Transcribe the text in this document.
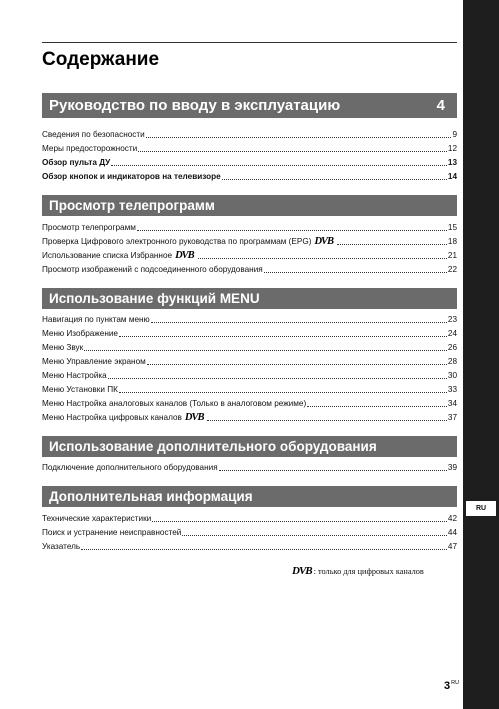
RU
Содержание
Руководство по вводу в эксплуатацию	4
Сведения по безопасности	9
Меры предосторожности	12
Обзор пульта ДУ	13
Обзор кнопок и индикаторов на телевизоре	14
Просмотр телепрограмм
Просмотр телепрограмм	15
Проверка Цифрового электронного руководства по программам (EPG) DVB	18
Использование списка Избранное DVB	21
Просмотр изображений с подсоединенного оборудования	22
Использование функций MENU
Навигация по пунктам меню	23
Меню Изображение	24
Меню Звук	26
Меню Управление экраном	28
Меню Настройка	30
Меню Установки ПК	33
Меню Настройка аналоговых каналов (Только в аналоговом режиме)	34
Меню Настройка цифровых каналов DVB	37
Использование дополнительного оборудования
Подключение дополнительного оборудования	39
Дополнительная информация
Технические характеристики	42
Поиск и устранение неисправностей	44
Указатель	47
DVB : только для цифровых каналов
$3^{RU}$
